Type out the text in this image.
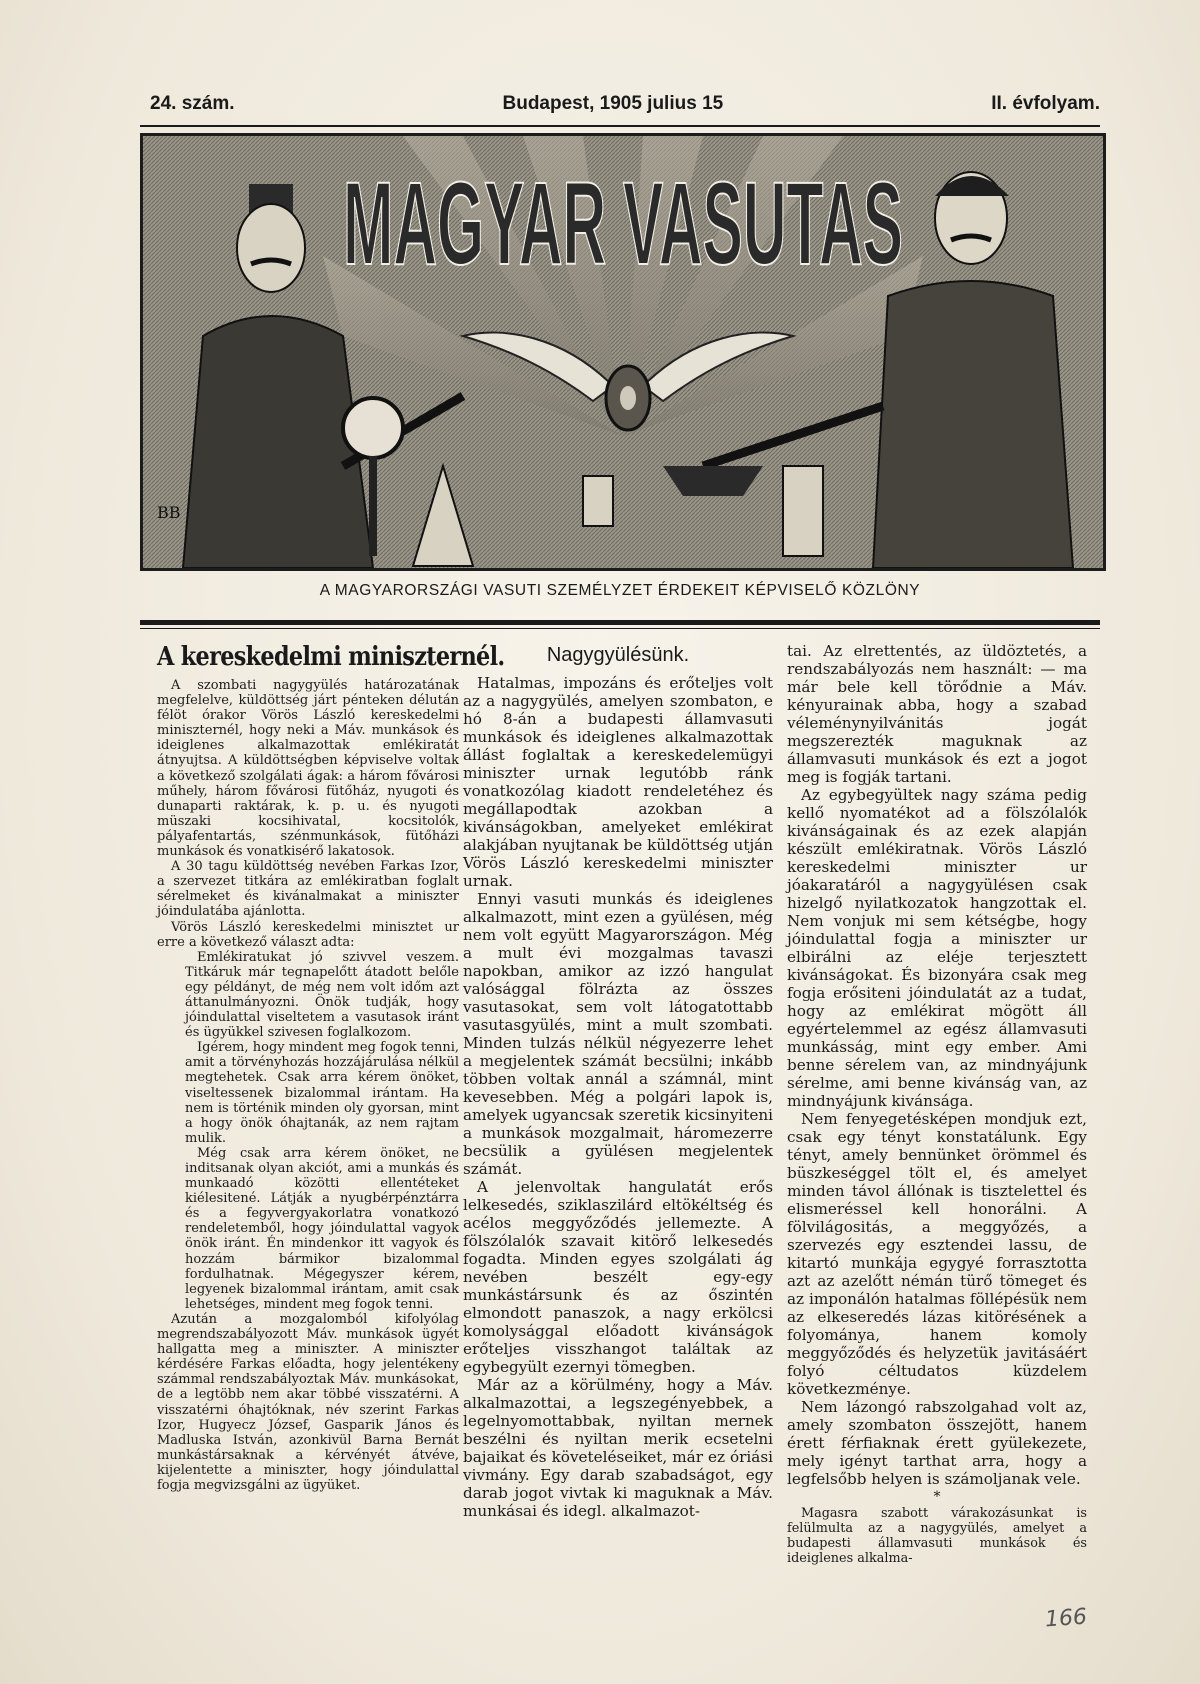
24. szám.	Budapest, 1905 julius 15	II. évfolyam.
MAGYAR VASUTAS
BB
A MAGYARORSZÁGI VASUTI SZEMÉLYZET ÉRDEKEIT KÉPVISELŐ KÖZLÖNY
A kereskedelmi miniszternél.

A szombati nagygyülés határozatának megfelelve, küldöttség járt pénteken délután félöt órakor Vörös László kereskedelmi miniszternél, hogy neki a Máv. munkások és ideiglenes alkalmazottak emlékiratát átnyujtsa. A küldöttségben képviselve voltak a következő szolgálati ágak: a három fővárosi műhely, három fővárosi fütőház, nyugoti és dunaparti raktárak, k. p. u. és nyugoti müszaki kocsihivatal, kocsitolók, pályafentartás, szénmunkások, fütőházi munkások és vonatkisérő lakatosok.

A 30 tagu küldöttség nevében Farkas Izor, a szervezet titkára az emlékiratban foglalt sérelmeket és kivánalmakat a miniszter jóindulatába ajánlotta.

Vörös László kereskedelmi minisztet ur erre a következő választ adta:

Emlékiratukat jó szivvel veszem. Titkáruk már tegnapelőtt átadott belőle egy példányt, de még nem volt időm azt áttanulmányozni. Önök tudják, hogy jóindulattal viseltetem a vasutasok iránt és ügyükkel szivesen foglalkozom.

Igérem, hogy mindent meg fogok tenni, amit a törvényhozás hozzájárulása nélkül megtehetek. Csak arra kérem önöket, viseltessenek bizalommal irántam. Ha nem is történik minden oly gyorsan, mint a hogy önök óhajtanák, az nem rajtam mulik.

Még csak arra kérem önöket, ne inditsanak olyan akciót, ami a munkás és munkaadó közötti ellentéteket kiélesitené. Látják a nyugbérpénztárra és a fegyvergyakorlatra vonatkozó rendeletemből, hogy jóindulattal vagyok önök iránt. Én mindenkor itt vagyok és hozzám bármikor bizalommal fordulhatnak. Mégegyszer kérem, legyenek bizalommal irántam, amit csak lehetséges, mindent meg fogok tenni.

Azután a mozgalomból kifolyólag megrendszabályozott Máv. munkások ügyét hallgatta meg a miniszter. A miniszter kérdésére Farkas előadta, hogy jelentékeny számmal rendszabályoztak Máv. munkásokat, de a legtöbb nem akar többé visszatérni. A visszatérni óhajtóknak, név szerint Farkas Izor, Hugyecz József, Gasparik János és Madluska István, azonkivül Barna Bernát munkástársaknak a kérvényét átvéve, kijelentette a miniszter, hogy jóindulattal fogja megvizsgálni az ügyüket.

Nagygyülésünk.

Hatalmas, impozáns és erőteljes volt az a nagygyülés, amelyen szombaton, e hó 8-án a budapesti államvasuti munkások és ideiglenes alkalmazottak állást foglaltak a kereskedelemügyi miniszter urnak legutóbb ránk vonatkozólag kiadott rendeletéhez és megállapodtak azokban a kivánságokban, amelyeket emlékirat alakjában nyujtanak be küldöttség utján Vörös László kereskedelmi miniszter urnak.

Ennyi vasuti munkás és ideiglenes alkalmazott, mint ezen a gyülésen, még nem volt együtt Magyarországon. Még a mult évi mozgalmas tavaszi napokban, amikor az izzó hangulat valósággal fölrázta az összes vasutasokat, sem volt látogatottabb vasutasgyülés, mint a mult szombati. Minden tulzás nélkül négyezerre lehet a megjelentek számát becsülni; inkább többen voltak annál a számnál, mint kevesebben. Még a polgári lapok is, amelyek ugyancsak szeretik kicsinyiteni a munkások mozgalmait, háromezerre becsülik a gyülésen megjelentek számát.

A jelenvoltak hangulatát erős lelkesedés, sziklaszilárd eltökéltség és acélos meggyőződés jellemezte. A fölszólalók szavait kitörő lelkesedés fogadta. Minden egyes szolgálati ág nevében beszélt egy-egy munkástársunk és az őszintén elmondott panaszok, a nagy erkölcsi komolysággal előadott kivánságok erőteljes visszhangot találtak az egybegyült ezernyi tömegben.

Már az a körülmény, hogy a Máv. alkalmazottai, a legszegényebbek, a legelnyomottabbak, nyiltan mernek beszélni és nyiltan merik ecsetelni bajaikat és követeléseiket, már ez óriási vivmány. Egy darab szabadságot, egy darab jogot vivtak ki maguknak a Máv. munkásai és idegl. alkalmazot-

tai. Az elrettentés, az üldöztetés, a rendszabályozás nem használt: — ma már bele kell törődnie a Máv. kényurainak abba, hogy a szabad véleménynyilvánitás jogát megszerezték maguknak az államvasuti munkások és ezt a jogot meg is fogják tartani.

Az egybegyültek nagy száma pedig kellő nyomatékot ad a fölszólalók kivánságainak és az ezek alapján készült emlékiratnak. Vörös László kereskedelmi miniszter ur jóakaratáról a nagygyülésen csak hizelgő nyilatkozatok hangzottak el. Nem vonjuk mi sem kétségbe, hogy jóindulattal fogja a miniszter ur elbirálni az eléje terjesztett kivánságokat. És bizonyára csak meg fogja erősiteni jóindulatát az a tudat, hogy az emlékirat mögött áll egyértelemmel az egész államvasuti munkásság, mint egy ember. Ami benne sérelem van, az mindnyájunk sérelme, ami benne kivánság van, az mindnyájunk kivánsága.

Nem fenyegetésképen mondjuk ezt, csak egy tényt konstatálunk. Egy tényt, amely bennünket örömmel és büszkeséggel tölt el, és amelyet minden távol állónak is tisztelettel és elismeréssel kell honorálni. A fölvilágositás, a meggyőzés, a szervezés egy esztendei lassu, de kitartó munkája egygyé forrasztotta azt az azelőtt némán türő tömeget és az imponálón hatalmas föllépésük nem az elkeseredés lázas kitörésének a folyománya, hanem komoly meggyőződés és helyzetük javitásáért folyó céltudatos küzdelem következménye.

Nem lázongó rabszolgahad volt az, amely szombaton összejött, hanem érett férfiaknak érett gyülekezete, mely igényt tarthat arra, hogy a legfelsőbb helyen is számoljanak vele.

*

Magasra szabott várakozásunkat is felülmulta az a nagygyülés, amelyet a budapesti államvasuti munkások és ideiglenes alkalma-

166
